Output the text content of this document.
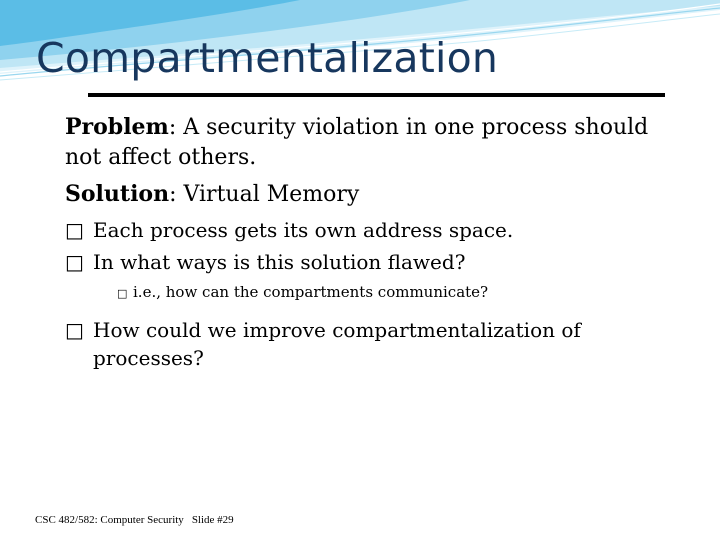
Compartmentalization

Problem: A security violation in one process should not affect others.

Solution: Virtual Memory

□ Each process gets its own address space.

□ In what ways is this solution flawed?

□ i.e., how can the compartments communicate?

□ How could we improve compartmentalization of processes?

CSC 482/582: Computer Security Slide #29
